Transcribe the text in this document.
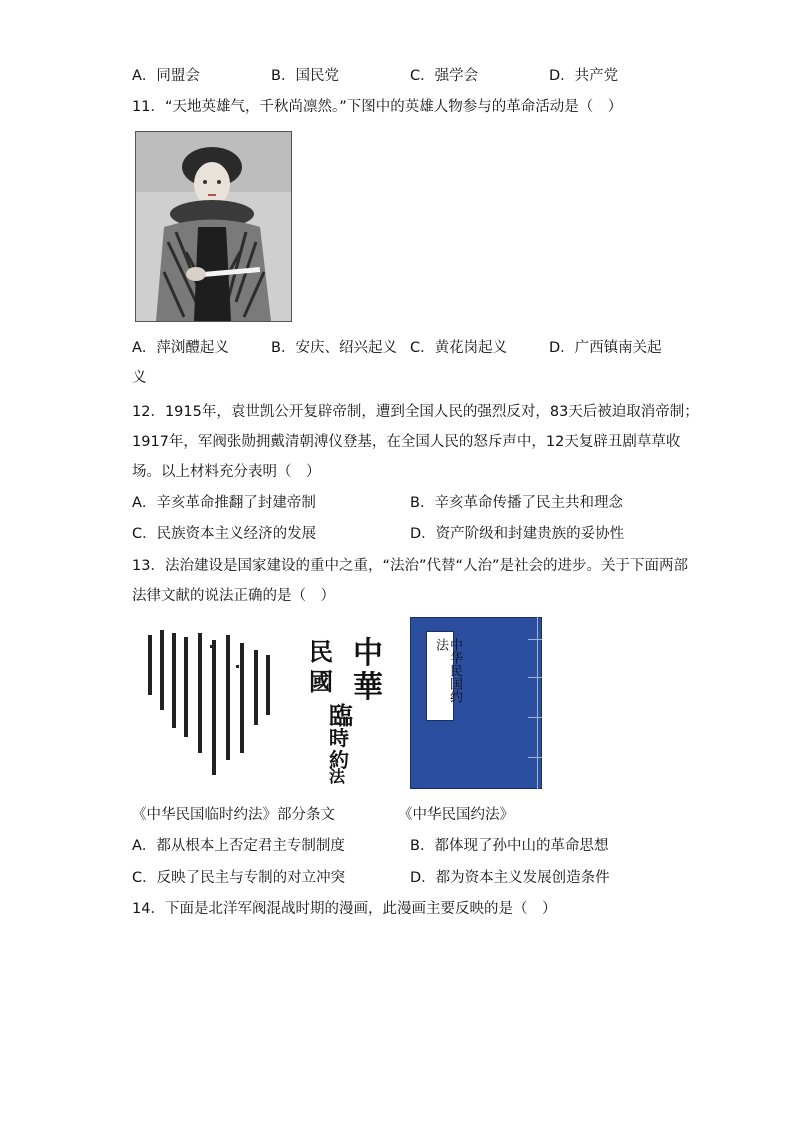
A．同盟会	B．国民党	C．强学会	D．共产党
11．“天地英雄气，千秋尚凛然。”下图中的英雄人物参与的革命活动是（　）
A．萍浏醴起义	B．安庆、绍兴起义 C．黄花岗起义	D．广西镇南关起
义
12．1915年，袁世凯公开复辟帝制，遭到全国人民的强烈反对，83天后被迫取消帝制；
1917年，军阀张勋拥戴清朝溥仪登基，在全国人民的怒斥声中，12天复辟丑剧草草收
场。以上材料充分表明（　）
A．辛亥革命推翻了封建帝制	B．辛亥革命传播了民主共和理念
C．民族资本主义经济的发展	D．资产阶级和封建贵族的妥协性
13．法治建设是国家建设的重中之重，“法治”代替“人治”是社会的进步。关于下面两部
法律文献的说法正确的是（　）
中
華
民
國
臨
時
約
法
中华民国约法
《中华民国临时约法》部分条文	《中华民国约法》
A．都从根本上否定君主专制制度	B．都体现了孙中山的革命思想
C．反映了民主与专制的对立冲突	D．都为资本主义发展创造条件
14．下面是北洋军阀混战时期的漫画，此漫画主要反映的是（　）
